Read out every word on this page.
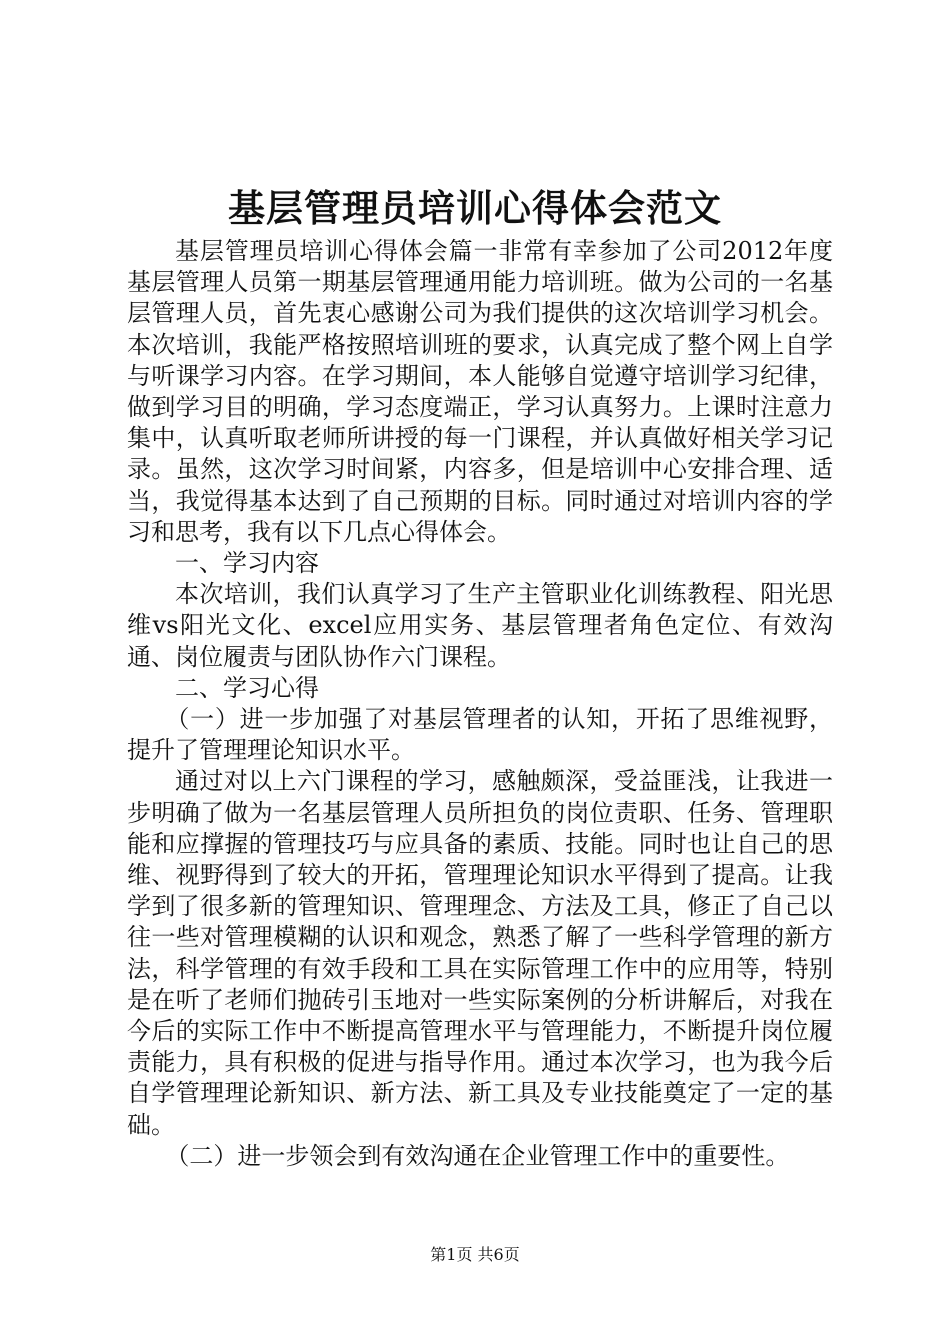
基层管理员培训心得体会范文

基层管理员培训心得体会篇一非常有幸参加了公司2012年度基层管理人员第一期基层管理通用能力培训班。做为公司的一名基层管理人员，首先衷心感谢公司为我们提供的这次培训学习机会。本次培训，我能严格按照培训班的要求，认真完成了整个网上自学与听课学习内容。在学习期间，本人能够自觉遵守培训学习纪律，做到学习目的明确，学习态度端正，学习认真努力。上课时注意力集中，认真听取老师所讲授的每一门课程，并认真做好相关学习记录。虽然，这次学习时间紧，内容多，但是培训中心安排合理、适当，我觉得基本达到了自己预期的目标。同时通过对培训内容的学习和思考，我有以下几点心得体会。

一、学习内容

本次培训，我们认真学习了生产主管职业化训练教程、阳光思维vs阳光文化、excel应用实务、基层管理者角色定位、有效沟通、岗位履责与团队协作六门课程。

二、学习心得

（一）进一步加强了对基层管理者的认知，开拓了思维视野，提升了管理理论知识水平。

通过对以上六门课程的学习，感触颇深，受益匪浅，让我进一步明确了做为一名基层管理人员所担负的岗位责职、任务、管理职能和应撑握的管理技巧与应具备的素质、技能。同时也让自己的思维、视野得到了较大的开拓，管理理论知识水平得到了提高。让我学到了很多新的管理知识、管理理念、方法及工具，修正了自己以往一些对管理模糊的认识和观念，熟悉了解了一些科学管理的新方法，科学管理的有效手段和工具在实际管理工作中的应用等，特别是在听了老师们抛砖引玉地对一些实际案例的分析讲解后，对我在今后的实际工作中不断提高管理水平与管理能力，不断提升岗位履责能力，具有积极的促进与指导作用。通过本次学习，也为我今后自学管理理论新知识、新方法、新工具及专业技能奠定了一定的基础。

（二）进一步领会到有效沟通在企业管理工作中的重要性。

第1页 共6页
